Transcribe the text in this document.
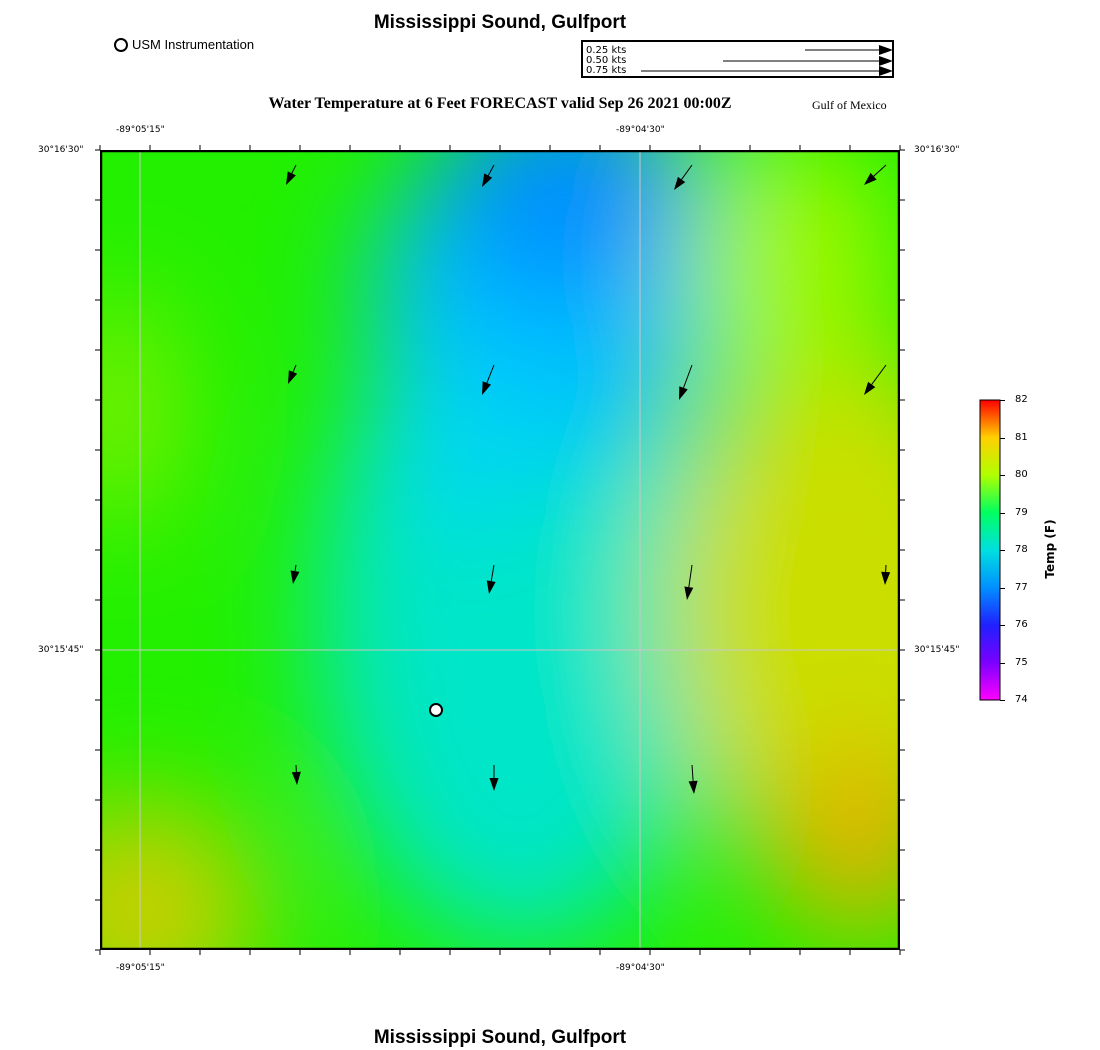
Mississippi Sound, Gulfport
USM Instrumentation	0.25 kts
0.50 kts
0.75 kts
Water Temperature at 6 Feet FORECAST valid Sep 26 2021 00:00Z	Gulf of Mexico
-89°05'15"	-89°04'30"
-89°05'15"	-89°04'30"
30°16'30"
30°15'45"
30°16'30"
30°15'45"
74
75
76
77
78
79
80
81
82
Temp (F)
Mississippi Sound, Gulfport
